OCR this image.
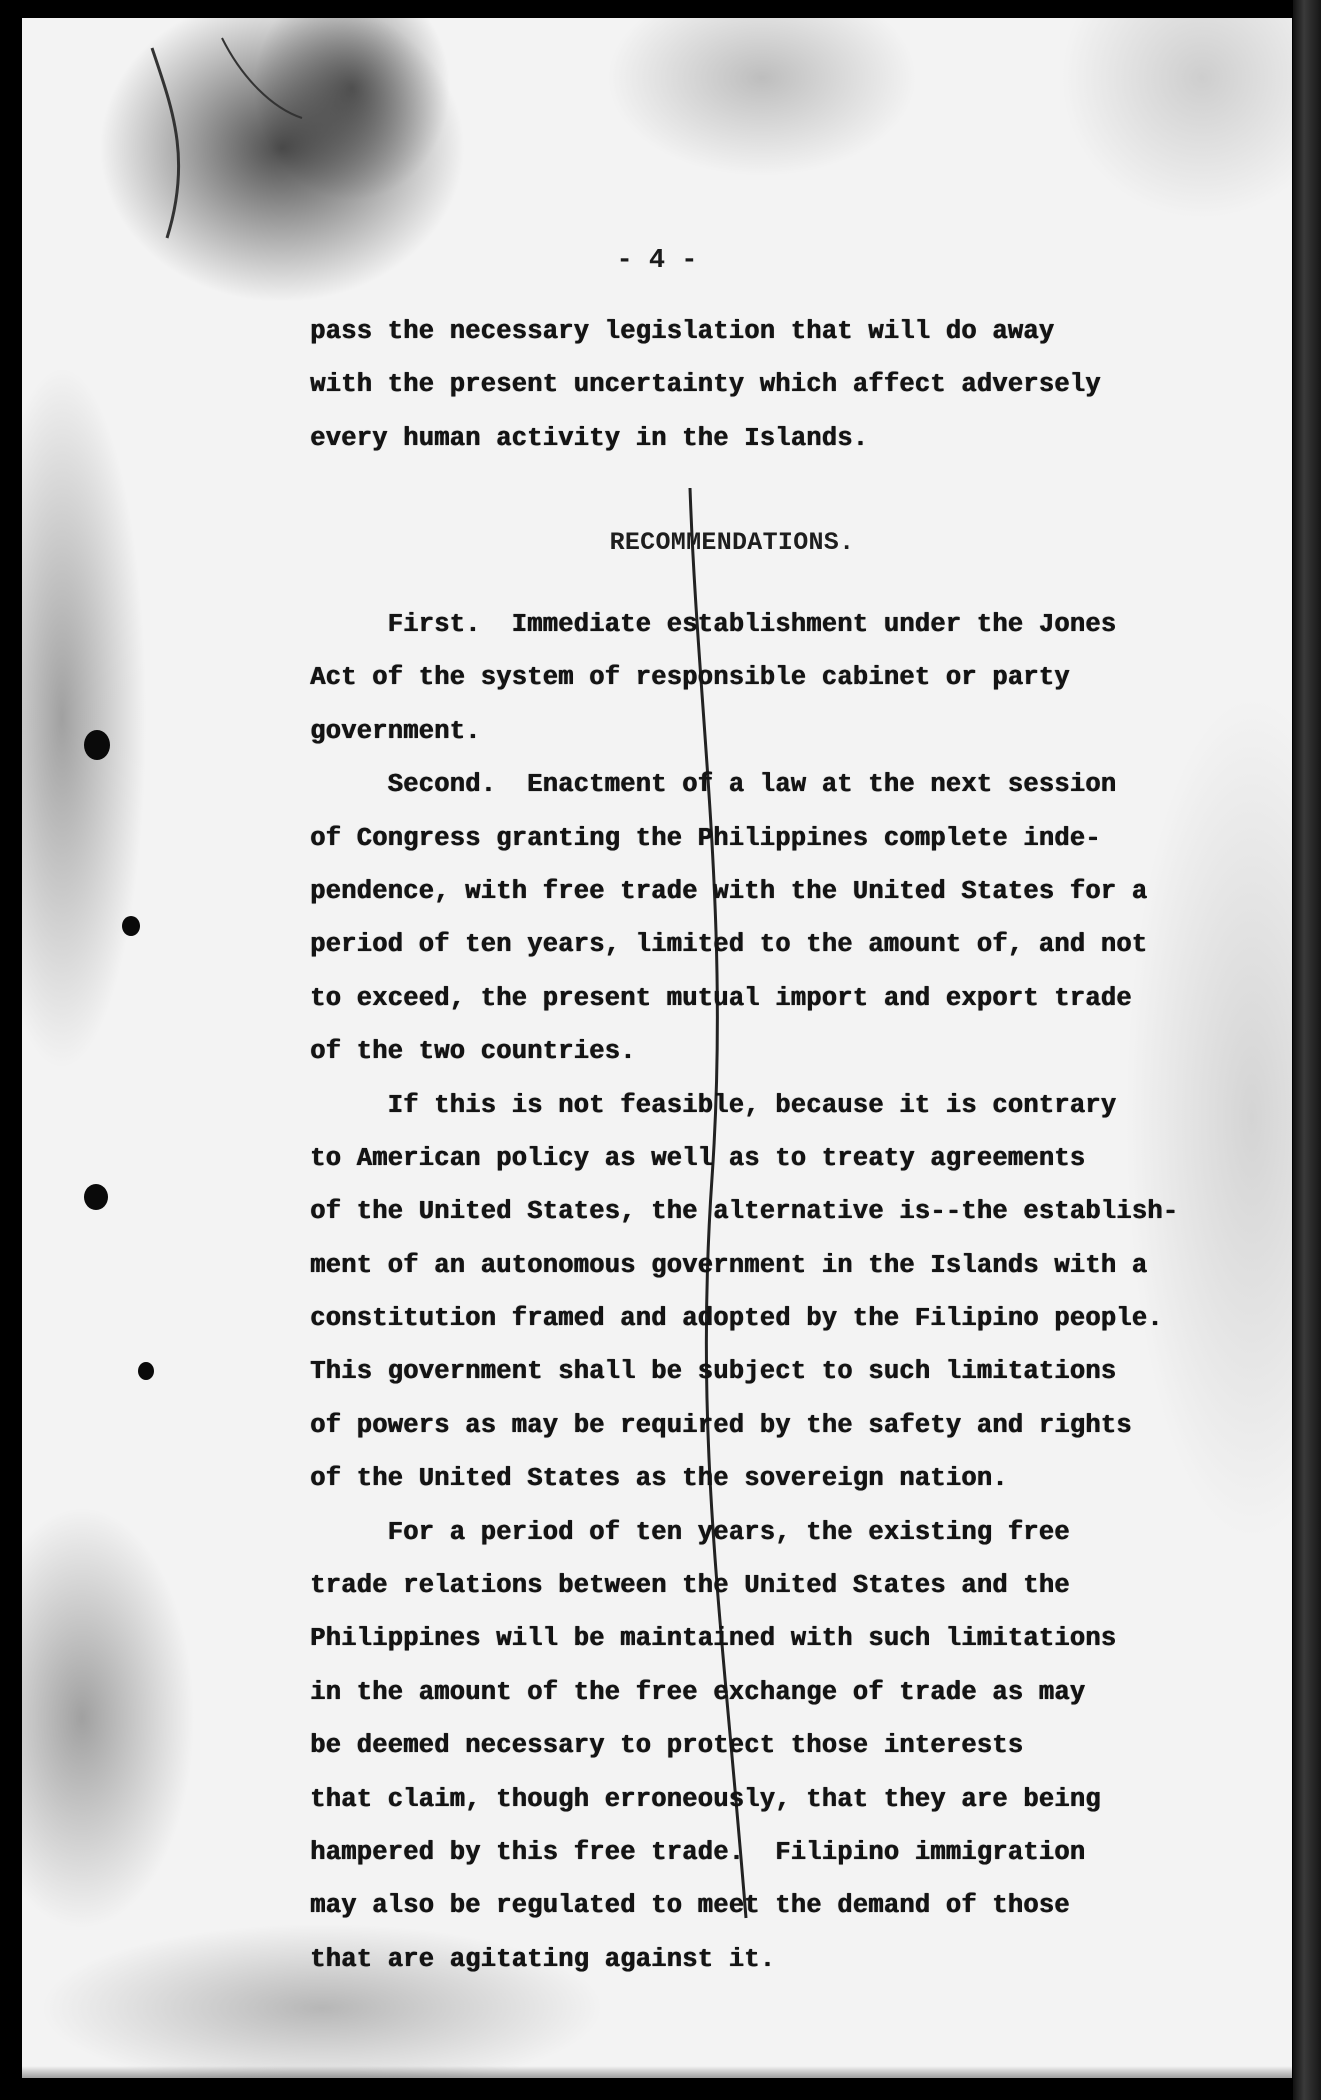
- 4 -
pass the necessary legislation that will do away
with the present uncertainty which affect adversely
every human activity in the Islands.
RECOMMENDATIONS.
First.  Immediate establishment under the Jones
Act of the system of responsible cabinet or party
government.
Second.  Enactment of a law at the next session
of Congress granting the Philippines complete inde-
pendence, with free trade with the United States for a
period of ten years, limited to the amount of, and not
to exceed, the present mutual import and export trade
of the two countries.
If this is not feasible, because it is contrary
to American policy as well as to treaty agreements
of the United States, the alternative is--the establish-
ment of an autonomous government in the Islands with a
constitution framed and adopted by the Filipino people.
This government shall be subject to such limitations
of powers as may be required by the safety and rights
of the United States as the sovereign nation.
For a period of ten years, the existing free
trade relations between the United States and the
Philippines will be maintained with such limitations
in the amount of the free exchange of trade as may
be deemed necessary to protect those interests
that claim, though erroneously, that they are being
hampered by this free trade.  Filipino immigration
may also be regulated to meet the demand of those
that are agitating against it.
